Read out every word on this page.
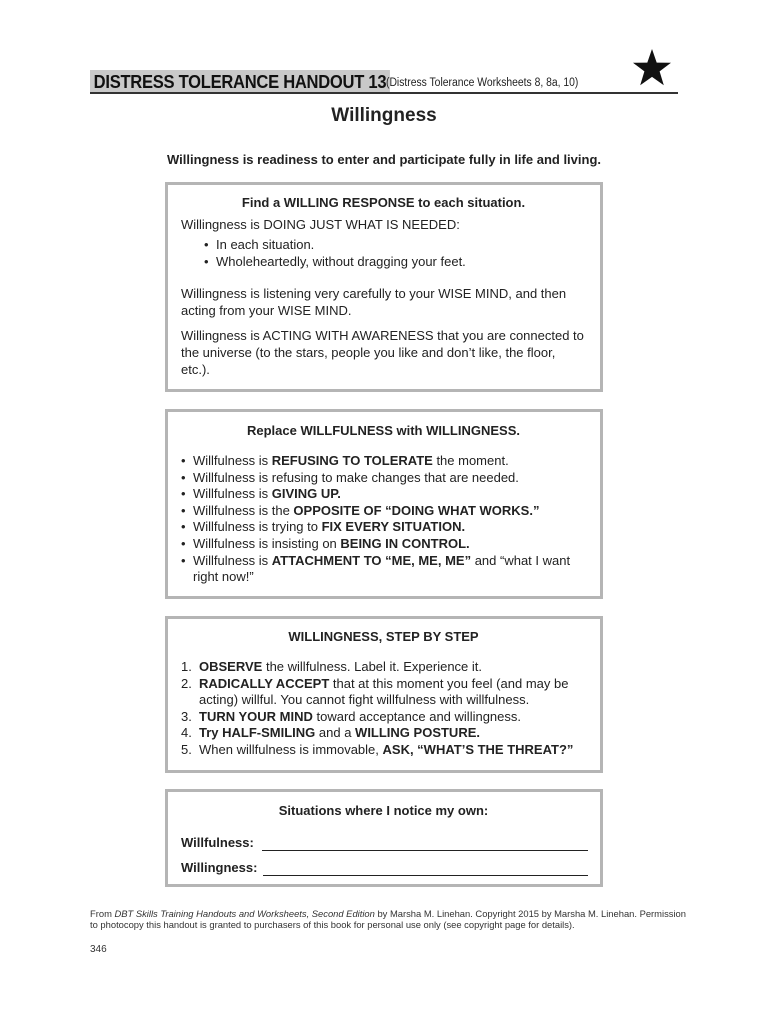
DISTRESS TOLERANCE HANDOUT 13 (Distress Tolerance Worksheets 8, 8a, 10)
Willingness
Willingness is readiness to enter and participate fully in life and living.
Find a WILLING RESPONSE to each situation.
Willingness is DOING JUST WHAT IS NEEDED:
• In each situation.
• Wholeheartedly, without dragging your feet.
Willingness is listening very carefully to your WISE MIND, and then acting from your WISE MIND.
Willingness is ACTING WITH AWARENESS that you are connected to the universe (to the stars, people you like and don’t like, the floor, etc.).
Replace WILLFULNESS with WILLINGNESS.
• Willfulness is REFUSING TO TOLERATE the moment.
• Willfulness is refusing to make changes that are needed.
• Willfulness is GIVING UP.
• Willfulness is the OPPOSITE OF “DOING WHAT WORKS.”
• Willfulness is trying to FIX EVERY SITUATION.
• Willfulness is insisting on BEING IN CONTROL.
• Willfulness is ATTACHMENT TO “ME, ME, ME” and “what I want right now!”
WILLINGNESS, STEP BY STEP
1. OBSERVE the willfulness. Label it. Experience it.
2. RADICALLY ACCEPT that at this moment you feel (and may be acting) willful. You cannot fight willfulness with willfulness.
3. TURN YOUR MIND toward acceptance and willingness.
4. Try HALF-SMILING and a WILLING POSTURE.
5. When willfulness is immovable, ASK, “WHAT’S THE THREAT?”
Situations where I notice my own:
Willfulness:
Willingness:
From DBT Skills Training Handouts and Worksheets, Second Edition by Marsha M. Linehan. Copyright 2015 by Marsha M. Linehan. Permission to photocopy this handout is granted to purchasers of this book for personal use only (see copyright page for details).
346
